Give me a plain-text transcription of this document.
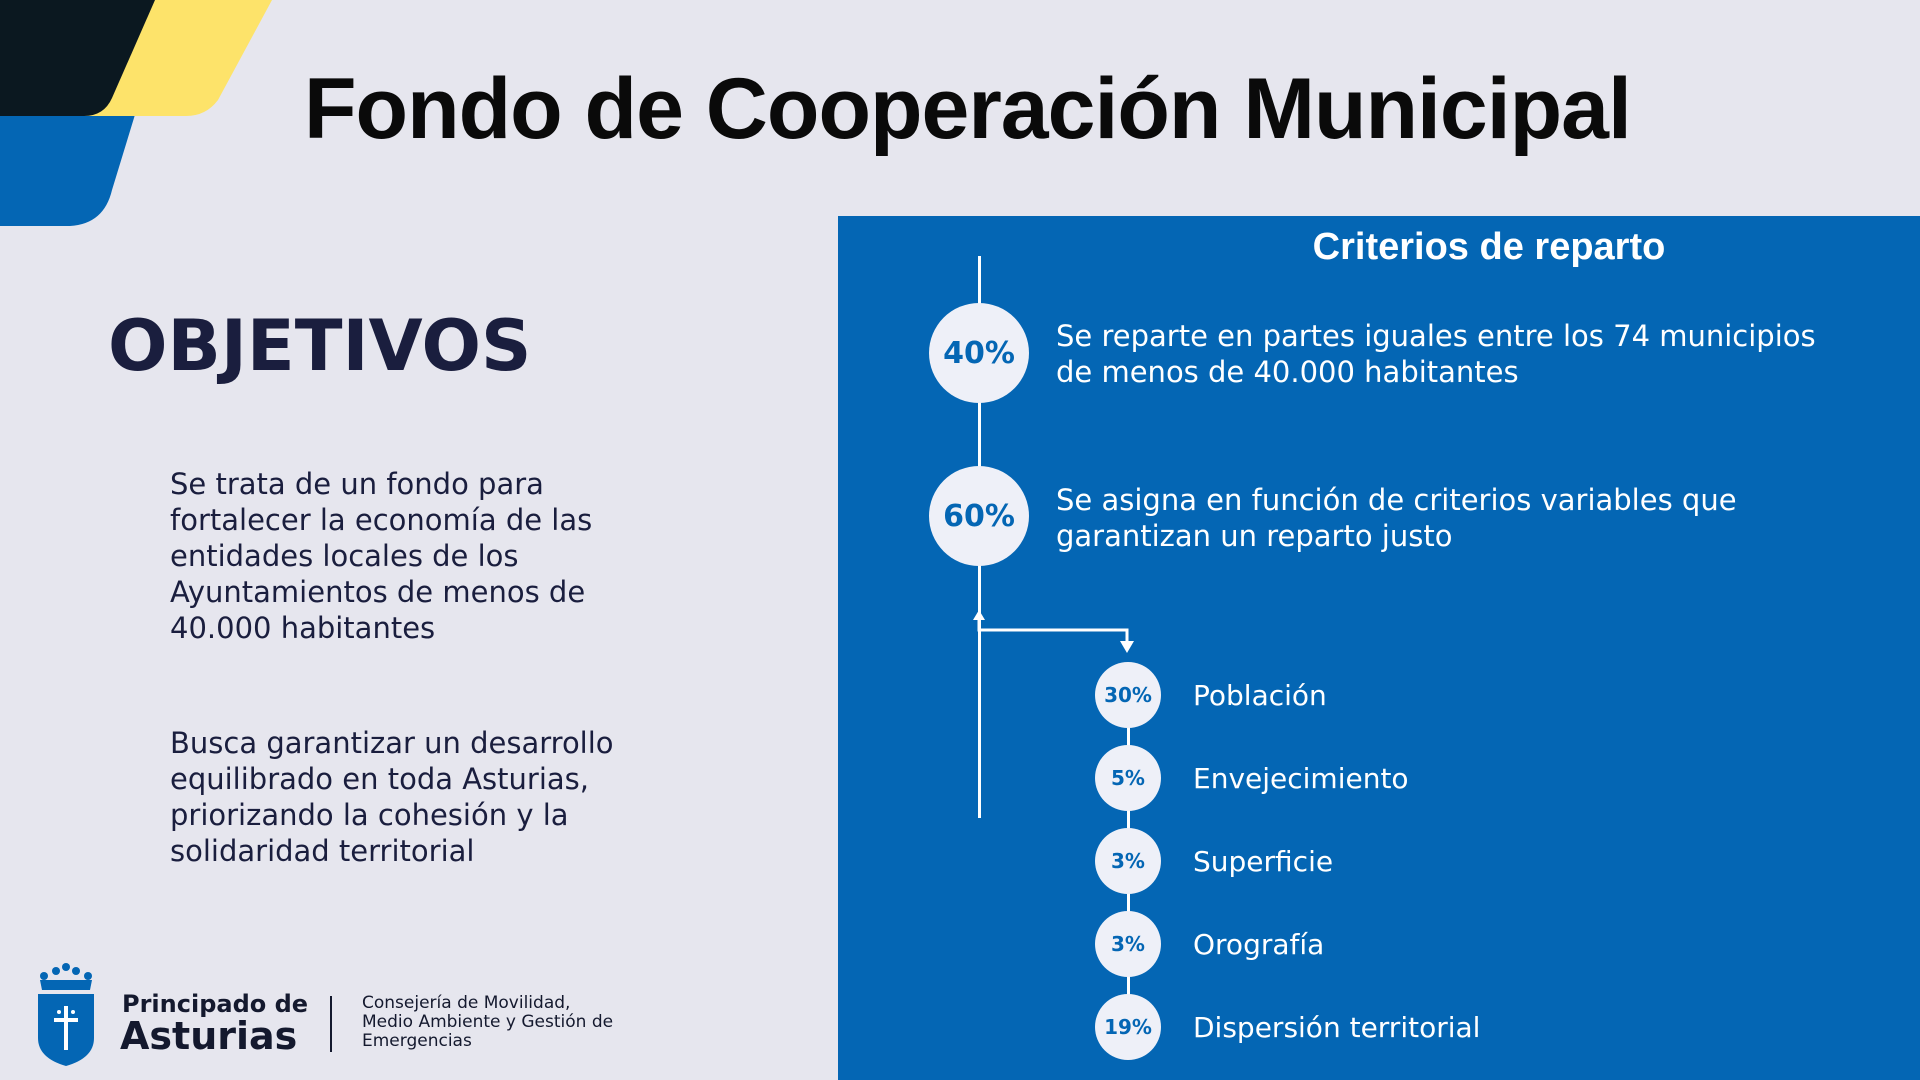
Fondo de Cooperación Municipal
OBJETIVOS
Se trata de un fondo para fortalecer la economía de las entidades locales de los Ayuntamientos de menos de 40.000 habitantes
Busca garantizar un desarrollo equilibrado en toda Asturias, priorizando la cohesión y la solidaridad territorial
Principado de
Asturias
Consejería de Movilidad, Medio Ambiente y Gestión de Emergencias
Criterios de reparto
40%	Se reparte en partes iguales entre los 74 municipios de menos de 40.000 habitantes
60%	Se asigna en función de criterios variables que garantizan un reparto justo
30%	Población
5%	Envejecimiento
3%	Superficie
3%	Orografía
19%	Dispersión territorial
